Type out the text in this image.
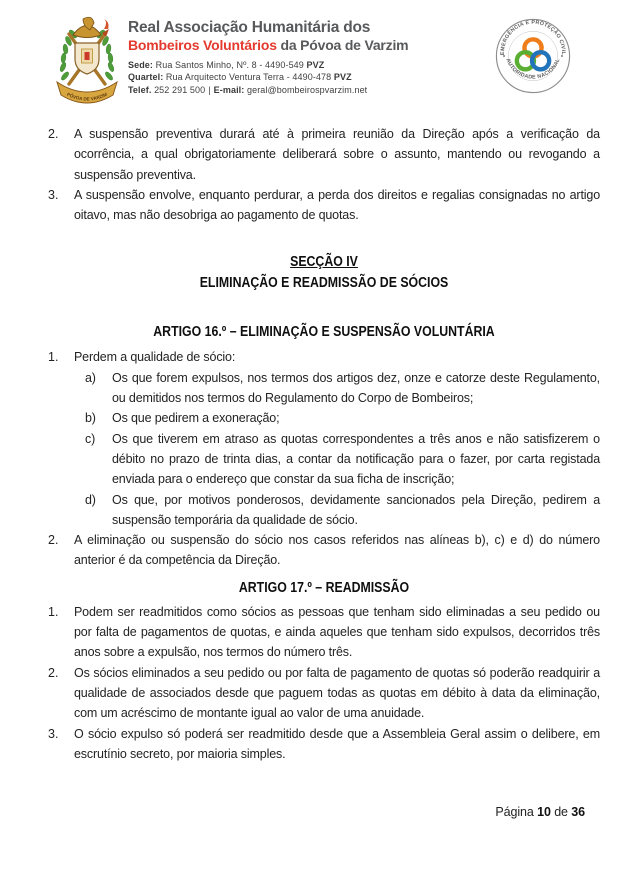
PÓVOA DE VARZIM
Real Associação Humanitária dos
Bombeiros Voluntários da Póvoa de Varzim
Sede: Rua Santos Minho, Nº. 8 - 4490-549 PVZ
Quartel: Rua Arquitecto Ventura Terra - 4490-478 PVZ
Telef. 252 291 500 | E-mail: geral@bombeirospvarzim.net
EMERGÊNCIA E PROTEÇÃO CIVIL
AUTORIDADE NACIONAL
2.	A suspensão preventiva durará até à primeira reunião da Direção após a verificação da ocorrência, a qual obrigatoriamente deliberará sobre o assunto, mantendo ou revogando a suspensão preventiva.
3.	A suspensão envolve, enquanto perdurar, a perda dos direitos e regalias consignadas no artigo oitavo, mas não desobriga ao pagamento de quotas.
SECÇÃO IV
ELIMINAÇÃO E READMISSÃO DE SÓCIOS
ARTIGO 16.º – ELIMINAÇÃO E SUSPENSÃO VOLUNTÁRIA
1.	Perdem a qualidade de sócio:
a)	Os que forem expulsos, nos termos dos artigos dez, onze e catorze deste Regulamento, ou demitidos nos termos do Regulamento do Corpo de Bombeiros;
b)	Os que pedirem a exoneração;
c)	Os que tiverem em atraso as quotas correspondentes a três anos e não satisfizerem o débito no prazo de trinta dias, a contar da notificação para o fazer, por carta registada enviada para o endereço que constar da sua ficha de inscrição;
d)	Os que, por motivos ponderosos, devidamente sancionados pela Direção, pedirem a suspensão temporária da qualidade de sócio.
2.	A eliminação ou suspensão do sócio nos casos referidos nas alíneas b), c) e d) do número anterior é da competência da Direção.
ARTIGO 17.º – READMISSÃO
1.	Podem ser readmitidos como sócios as pessoas que tenham sido eliminadas a seu pedido ou por falta de pagamentos de quotas, e ainda aqueles que tenham sido expulsos, decorridos três anos sobre a expulsão, nos termos do número três.
2.	Os sócios eliminados a seu pedido ou por falta de pagamento de quotas só poderão readquirir a qualidade de associados desde que paguem todas as quotas em débito à data da eliminação, com um acréscimo de montante igual ao valor de uma anuidade.
3.	O sócio expulso só poderá ser readmitido desde que a Assembleia Geral assim o delibere, em escrutínio secreto, por maioria simples.
Página 10 de 36
